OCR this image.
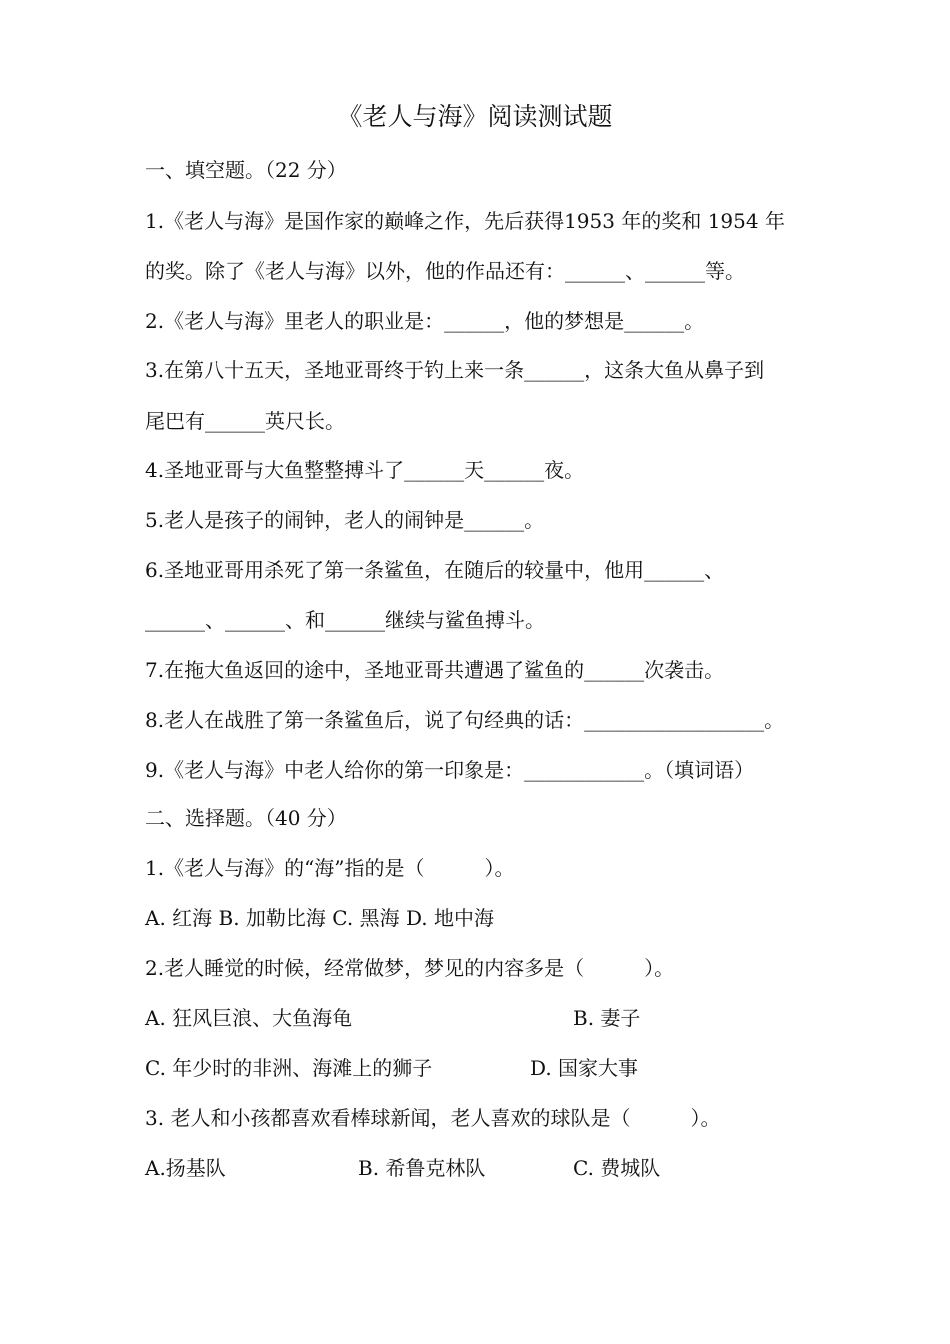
《老人与海》阅读测试题
一、填空题。（22 分）
1.《老人与海》是国作家的巅峰之作，先后获得1953 年的奖和 1954 年
的奖。除了《老人与海》以外，他的作品还有：______、______等。
2.《老人与海》里老人的职业是：______，他的梦想是______。
3.在第八十五天，圣地亚哥终于钓上来一条______，这条大鱼从鼻子到
尾巴有______英尺长。
4.圣地亚哥与大鱼整整搏斗了______天______夜。
5.老人是孩子的闹钟，老人的闹钟是______。
6.圣地亚哥用杀死了第一条鲨鱼，在随后的较量中，他用______、
______、______、和______继续与鲨鱼搏斗。
7.在拖大鱼返回的途中，圣地亚哥共遭遇了鲨鱼的______次袭击。
8.老人在战胜了第一条鲨鱼后，说了句经典的话：__________________。
9.《老人与海》中老人给你的第一印象是：____________。（填词语）
二、选择题。（40 分）
1.《老人与海》的“海”指的是（　　　）。
A. 红海 B. 加勒比海 C. 黑海 D. 地中海
2.老人睡觉的时候，经常做梦，梦见的内容多是（　　　）。
A. 狂风巨浪、大鱼海龟	B. 妻子
C. 年少时的非洲、海滩上的狮子	D. 国家大事
3. 老人和小孩都喜欢看棒球新闻，老人喜欢的球队是（　　　）。
A.扬基队	B. 希鲁克林队	C. 费城队
